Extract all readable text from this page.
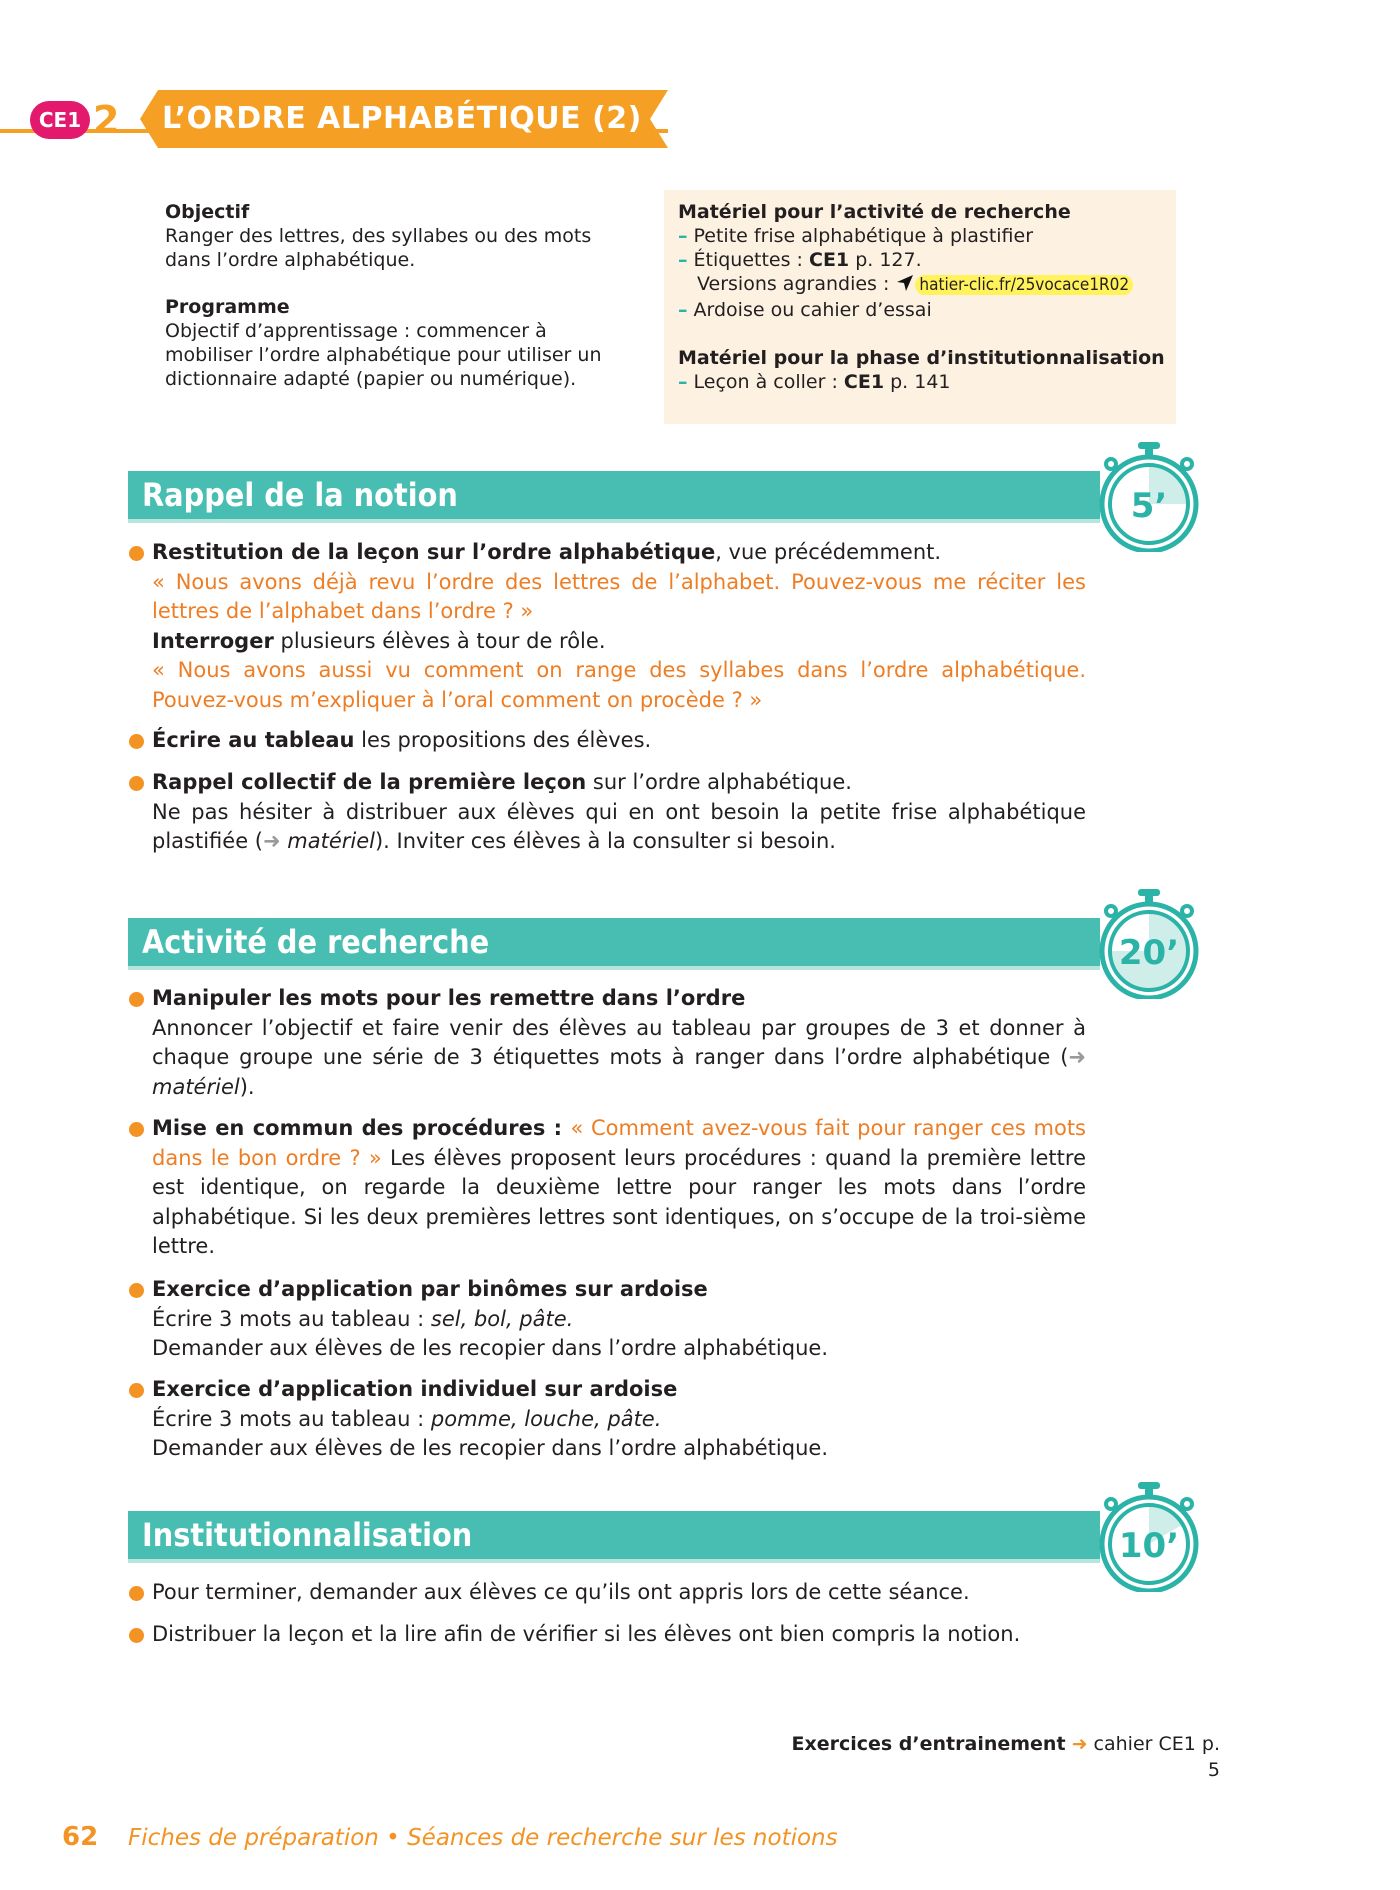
CE1 2 L’ORDRE ALPHABÉTIQUE (2)
Objectif
Ranger des lettres, des syllabes ou des mots dans l’ordre alphabétique.
Programme
Objectif d’apprentissage : commencer à mobiliser l’ordre alphabétique pour utiliser un dictionnaire adapté (papier ou numérique).
Matériel pour l’activité de recherche
– Petite frise alphabétique à plastifier
– Étiquettes : CE1 p. 127.
Versions agrandies : hatier-clic.fr/25vocace1R02
– Ardoise ou cahier d’essai
Matériel pour la phase d’institutionnalisation
– Leçon à coller : CE1 p. 141
Rappel de la notion	5’
Restitution de la leçon sur l’ordre alphabétique, vue précédemment.
« Nous avons déjà revu l’ordre des lettres de l’alphabet. Pouvez-vous me réciter les lettres de l’alphabet dans l’ordre ? »
Interroger plusieurs élèves à tour de rôle.
« Nous avons aussi vu comment on range des syllabes dans l’ordre alphabétique. Pouvez-vous m’expliquer à l’oral comment on procède ? »
Écrire au tableau les propositions des élèves.
Rappel collectif de la première leçon sur l’ordre alphabétique.
Ne pas hésiter à distribuer aux élèves qui en ont besoin la petite frise alphabétique plastifiée (➜ matériel). Inviter ces élèves à la consulter si besoin.
Activité de recherche	20’
Manipuler les mots pour les remettre dans l’ordre
Annoncer l’objectif et faire venir des élèves au tableau par groupes de 3 et donner à chaque groupe une série de 3 étiquettes mots à ranger dans l’ordre alphabétique (➜ matériel).
Mise en commun des procédures : « Comment avez-vous fait pour ranger ces mots dans le bon ordre ? » Les élèves proposent leurs procédures : quand la première lettre est identique, on regarde la deuxième lettre pour ranger les mots dans l’ordre alphabétique. Si les deux premières lettres sont identiques, on s’occupe de la troi-sième lettre.
Exercice d’application par binômes sur ardoise
Écrire 3 mots au tableau : sel, bol, pâte.
Demander aux élèves de les recopier dans l’ordre alphabétique.
Exercice d’application individuel sur ardoise
Écrire 3 mots au tableau : pomme, louche, pâte.
Demander aux élèves de les recopier dans l’ordre alphabétique.
Institutionnalisation	10’
Pour terminer, demander aux élèves ce qu’ils ont appris lors de cette séance.
Distribuer la leçon et la lire afin de vérifier si les élèves ont bien compris la notion.
Exercices d’entrainement ➜ cahier CE1 p. 5
62 Fiches de préparation • Séances de recherche sur les notions
